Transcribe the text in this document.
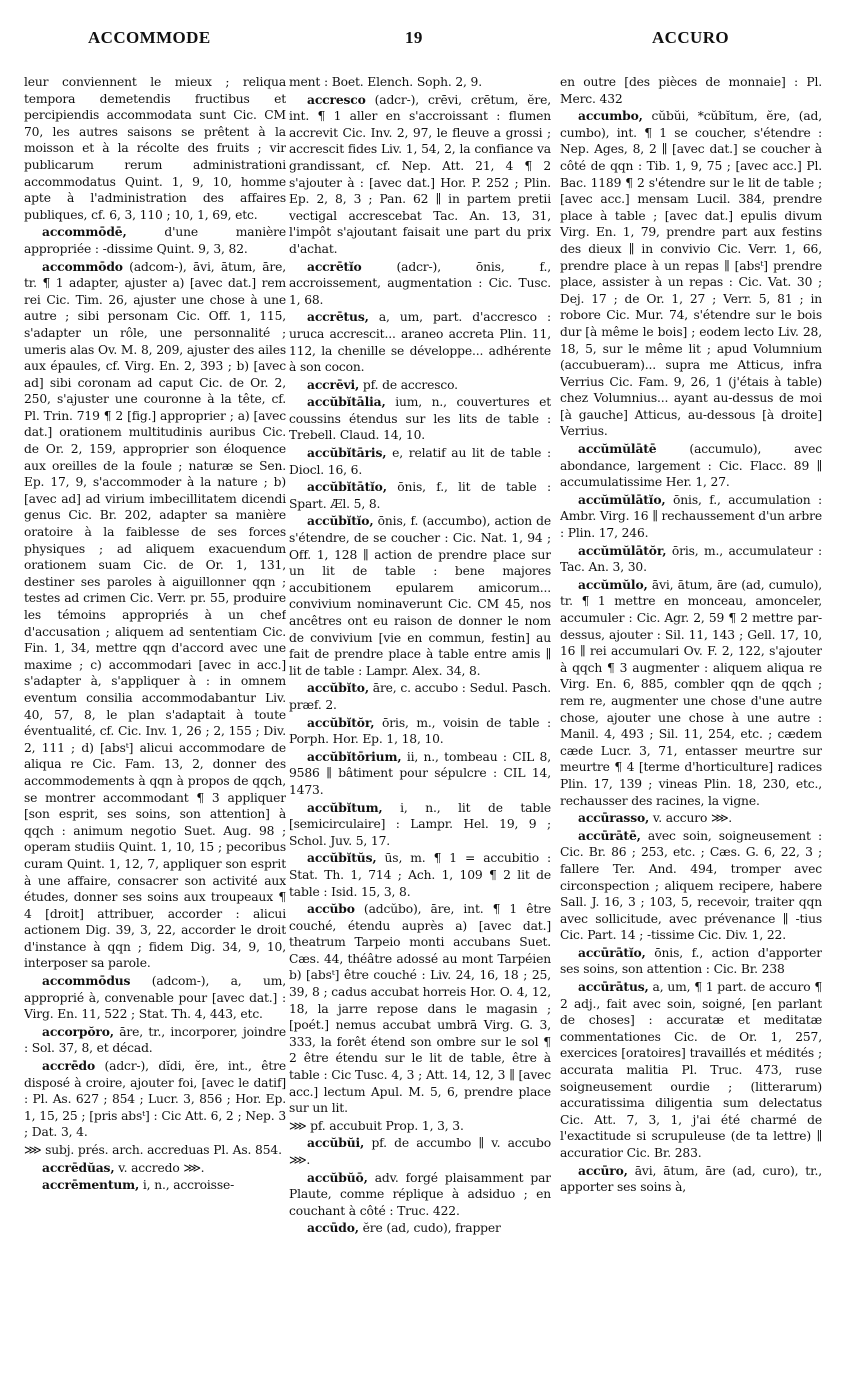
ACCOMMODE	19	ACCURO

leur conviennent le mieux ; reliqua tempora demetendis fructibus et percipiendis accommodata sunt Cic. CM 70, les autres saisons se prêtent à la moisson et à la récolte des fruits ; vir publicarum rerum administrationi accommodatus Quint. 1, 9, 10, homme apte à l'administration des affaires publiques, cf. 6, 3, 110 ; 10, 1, 69, etc.

accommōdē, d'une manière appropriée : -dissime Quint. 9, 3, 82.

accommōdo (adcom-), āvi, ātum, āre, tr. ¶ 1 adapter, ajuster a) [avec dat.] rem rei Cic. Tim. 26, ajuster une chose à une autre ; sibi personam Cic. Off. 1, 115, s'adapter un rôle, une personnalité ; umeris alas Ov. M. 8, 209, ajuster des ailes aux épaules, cf. Virg. En. 2, 393 ; b) [avec ad] sibi coronam ad caput Cic. de Or. 2, 250, s'ajuster une couronne à la tête, cf. Pl. Trin. 719 ¶ 2 [fig.] approprier ; a) [avec dat.] orationem multitudinis auribus Cic. de Or. 2, 159, approprier son éloquence aux oreilles de la foule ; naturæ se Sen. Ep. 17, 9, s'accommoder à la nature ; b) [avec ad] ad virium imbecillitatem dicendi genus Cic. Br. 202, adapter sa manière oratoire à la faiblesse de ses forces physiques ; ad aliquem exacuendum orationem suam Cic. de Or. 1, 131, destiner ses paroles à aiguillonner qqn ; testes ad crimen Cic. Verr. pr. 55, produire les témoins appropriés à un chef d'accusation ; aliquem ad sententiam Cic. Fin. 1, 34, mettre qqn d'accord avec une maxime ; c) accommodari [avec in acc.] s'adapter à, s'appliquer à : in omnem eventum consilia accommodabantur Liv. 40, 57, 8, le plan s'adaptait à toute éventualité, cf. Cic. Inv. 1, 26 ; 2, 155 ; Div. 2, 111 ; d) [absᵗ] alicui accommodare de aliqua re Cic. Fam. 13, 2, donner des accommodements à qqn à propos de qqch, se montrer accommodant ¶ 3 appliquer [son esprit, ses soins, son attention] à qqch : animum negotio Suet. Aug. 98 ; operam studiis Quint. 1, 10, 15 ; pecoribus curam Quint. 1, 12, 7, appliquer son esprit à une affaire, consacrer son activité aux études, donner ses soins aux troupeaux ¶ 4 [droit] attribuer, accorder : alicui actionem Dig. 39, 3, 22, accorder le droit d'instance à qqn ; fidem Dig. 34, 9, 10, interposer sa parole.

accommōdus (adcom-), a, um, approprié à, convenable pour [avec dat.] : Virg. En. 11, 522 ; Stat. Th. 4, 443, etc.

accorpŏro, āre, tr., incorporer, joindre : Sol. 37, 8, et décad.

accrēdo (adcr-), dĭdi, ĕre, int., être disposé à croire, ajouter foi, [avec le datif] : Pl. As. 627 ; 854 ; Lucr. 3, 856 ; Hor. Ep. 1, 15, 25 ; [pris absᵗ] : Cic Att. 6, 2 ; Nep. 3 ; Dat. 3, 4.

⋙ subj. prés. arch. accreduas Pl. As. 854.

accrēdŭas, v. accredo ⋙.

accrēmentum, i, n., accroisse-

ment : Boet. Elench. Soph. 2, 9.

accresco (adcr-), crēvi, crētum, ĕre, int. ¶ 1 aller en s'accroissant : flumen accrevit Cic. Inv. 2, 97, le fleuve a grossi ; accrescit fides Liv. 1, 54, 2, la confiance va grandissant, cf. Nep. Att. 21, 4 ¶ 2 s'ajouter à : [avec dat.] Hor. P. 252 ; Plin. Ep. 2, 8, 3 ; Pan. 62 ∥ in partem pretii vectigal accrescebat Tac. An. 13, 31, l'impôt s'ajoutant faisait une part du prix d'achat.

accrētĭo (adcr-), ōnis, f., accroissement, augmentation : Cic. Tusc. 1, 68.

accrētus, a, um, part. d'accresco : uruca accrescit... araneo accreta Plin. 11, 112, la chenille se développe... adhérente à son cocon.

accrēvi, pf. de accresco.

accŭbĭtālia, ium, n., couvertures et coussins étendus sur les lits de table : Trebell. Claud. 14, 10.

accŭbĭtāris, e, relatif au lit de table : Diocl. 16, 6.

accŭbĭtātĭo, ōnis, f., lit de table : Spart. Æl. 5, 8.

accŭbĭtĭo, ōnis, f. (accumbo), action de s'étendre, de se coucher : Cic. Nat. 1, 94 ; Off. 1, 128 ∥ action de prendre place sur un lit de table : bene majores accubitionem epularem amicorum... convivium nominaverunt Cic. CM 45, nos ancêtres ont eu raison de donner le nom de convivium [vie en commun, festin] au fait de prendre place à table entre amis ∥ lit de table : Lampr. Alex. 34, 8.

accŭbĭto, āre, c. accubo : Sedul. Pasch. præf. 2.

accŭbĭtŏr, ōris, m., voisin de table : Porph. Hor. Ep. 1, 18, 10.

accŭbĭtōrium, ii, n., tombeau : CIL 8, 9586 ∥ bâtiment pour sépulcre : CIL 14, 1473.

accŭbĭtum, i, n., lit de table [semicirculaire] : Lampr. Hel. 19, 9 ; Schol. Juv. 5, 17.

accŭbĭtŭs, ūs, m. ¶ 1 = accubitio : Stat. Th. 1, 714 ; Ach. 1, 109 ¶ 2 lit de table : Isid. 15, 3, 8.

accŭbo (adcŭbo), āre, int. ¶ 1 être couché, étendu auprès a) [avec dat.] theatrum Tarpeio monti accubans Suet. Cæs. 44, théâtre adossé au mont Tarpéien b) [absᵗ] être couché : Liv. 24, 16, 18 ; 25, 39, 8 ; cadus accubat horreis Hor. O. 4, 12, 18, la jarre repose dans le magasin ; [poét.] nemus accubat umbrā Virg. G. 3, 333, la forêt étend son ombre sur le sol ¶ 2 être étendu sur le lit de table, être à table : Cic Tusc. 4, 3 ; Att. 14, 12, 3 ∥ [avec acc.] lectum Apul. M. 5, 6, prendre place sur un lit.

⋙ pf. accubuit Prop. 1, 3, 3.

accŭbŭi, pf. de accumbo ∥ v. accubo ⋙.

accŭbŭō, adv. forgé plaisamment par Plaute, comme réplique à adsiduo ; en couchant à côté : Truc. 422.

accūdo, ĕre (ad, cudo), frapper

en outre [des pièces de monnaie] : Pl. Merc. 432

accumbo, cŭbŭi, *cŭbĭtum, ĕre, (ad, cumbo), int. ¶ 1 se coucher, s'étendre : Nep. Ages, 8, 2 ∥ [avec dat.] se coucher à côté de qqn : Tib. 1, 9, 75 ; [avec acc.] Pl. Bac. 1189 ¶ 2 s'étendre sur le lit de table ; [avec acc.] mensam Lucil. 384, prendre place à table ; [avec dat.] epulis divum Virg. En. 1, 79, prendre part aux festins des dieux ∥ in convivio Cic. Verr. 1, 66, prendre place à un repas ∥ [absᵗ] prendre place, assister à un repas : Cic. Vat. 30 ; Dej. 17 ; de Or. 1, 27 ; Verr. 5, 81 ; in robore Cic. Mur. 74, s'étendre sur le bois dur [à même le bois] ; eodem lecto Liv. 28, 18, 5, sur le même lit ; apud Volumnium (accubueram)... supra me Atticus, infra Verrius Cic. Fam. 9, 26, 1 (j'étais à table) chez Volumnius... ayant au-dessus de moi [à gauche] Atticus, au-dessous [à droite] Verrius.

accŭmŭlātē (accumulo), avec abondance, largement : Cic. Flacc. 89 ∥ accumulatissime Her. 1, 27.

accŭmŭlātĭo, ōnis, f., accumulation : Ambr. Virg. 16 ∥ rechaussement d'un arbre : Plin. 17, 246.

accŭmŭlātŏr, ōris, m., accumulateur : Tac. An. 3, 30.

accŭmŭlo, āvi, ātum, āre (ad, cumulo), tr. ¶ 1 mettre en monceau, amonceler, accumuler : Cic. Agr. 2, 59 ¶ 2 mettre par-dessus, ajouter : Sil. 11, 143 ; Gell. 17, 10, 16 ∥ rei accumulari Ov. F. 2, 122, s'ajouter à qqch ¶ 3 augmenter : aliquem aliqua re Virg. En. 6, 885, combler qqn de qqch ; rem re, augmenter une chose d'une autre chose, ajouter une chose à une autre : Manil. 4, 493 ; Sil. 11, 254, etc. ; cædem cæde Lucr. 3, 71, entasser meurtre sur meurtre ¶ 4 [terme d'horticulture] radices Plin. 17, 139 ; vineas Plin. 18, 230, etc., rechausser des racines, la vigne.

accūrasso, v. accuro ⋙.

accūrātē, avec soin, soigneusement : Cic. Br. 86 ; 253, etc. ; Cæs. G. 6, 22, 3 ; fallere Ter. And. 494, tromper avec circonspection ; aliquem recipere, habere Sall. J. 16, 3 ; 103, 5, recevoir, traiter qqn avec sollicitude, avec prévenance ∥ -tius Cic. Part. 14 ; -tissime Cic. Div. 1, 22.

accūrātĭo, ōnis, f., action d'apporter ses soins, son attention : Cic. Br. 238

accūrātus, a, um, ¶ 1 part. de accuro ¶ 2 adj., fait avec soin, soigné, [en parlant de choses] : accuratæ et meditatæ commentationes Cic. de Or. 1, 257, exercices [oratoires] travaillés et médités ; accurata malitia Pl. Truc. 473, ruse soigneusement ourdie ; (litterarum) accuratissima diligentia sum delectatus Cic. Att. 7, 3, 1, j'ai été charmé de l'exactitude si scrupuleuse (de ta lettre) ∥ accuratior Cic. Br. 283.

accūro, āvi, ātum, āre (ad, curo), tr., apporter ses soins à,
